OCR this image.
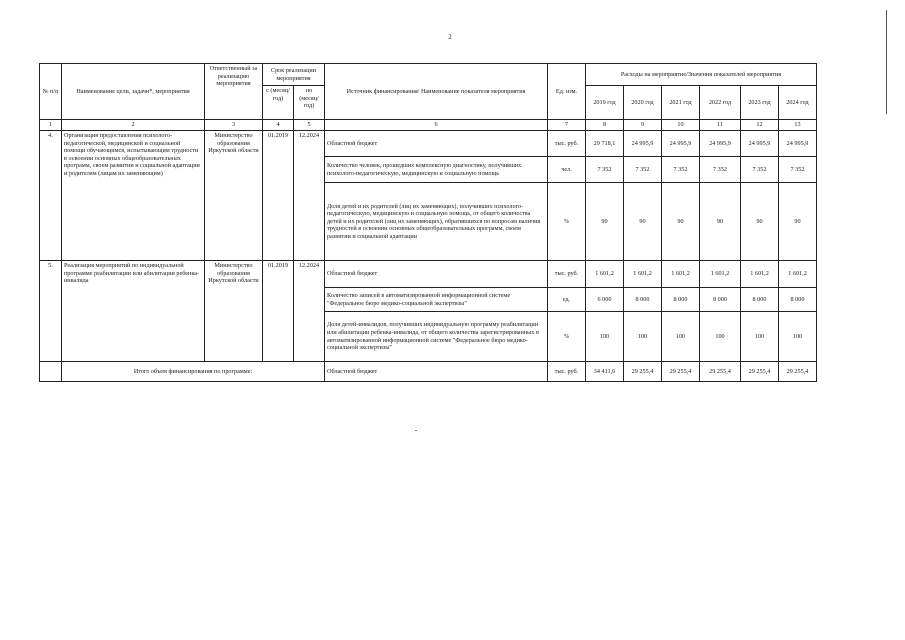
2
№ п/п	Наименование цели, задачи*, мероприятия	Ответственный за реализацию мероприятия	Срок реализации мероприятия		Источник финансирования/ Наименование показателя мероприятия	Ед. изм.	Расходы на мероприятие/Значения показателей мероприятия					
			с (месяц/год)	по (месяц/год)			2019 год	2020 год	2021 год	2022 год	2023 год	2024 год
1	2	3	4	5	6	7	8	9	10	11	12	13
4.	Организация предоставления психолого-педагогической, медицинской и социальной помощи обучающимся, испытывающим трудности в освоении основных общеобразовательных программ, своем развитии и социальной адаптации и родителям (лицам их заменяющим)	Министерство образования Иркутской области	01.2019	12.2024	Областной бюджет	тыс. руб.	29 718,1	24 995,9	24 995,9	24 995,9	24 995,9	24 995,9
					Количество человек, прошедших комплексную диагностику, получивших психолого-педагогическую, медицинскую и социальную помощь	чел.	7 352	7 352	7 352	7 352	7 352	7 352
					Доля детей и их родителей (лиц их заменяющих), получивших психолого-педагогическую, медицинскую и социальную помощь, от общего количества детей и их родителей (лиц их заменяющих), обратившихся по вопросам наличия трудностей в освоении основных общеобразовательных программ, своем развитии и социальной адаптации	%	90	90	90	90	90	90
5.	Реализация мероприятий по индивидуальной программе реабилитации или абилитации ребенка-инвалида	Министерство образования Иркутской области	01.2019	12.2024	Областной бюджет	тыс. руб.	1 601,2	1 601,2	1 601,2	1 601,2	1 601,2	1 601,2
					Количество записей в автоматизированной информационной системе "Федеральное бюро медико-социальной экспертизы"	ед.	6 000	8 000	8 000	8 000	8 000	8 000
					Доля детей-инвалидов, получивших индивидуальную программу реабилитации или абилитации ребенка-инвалида, от общего количества зарегистрированных в автоматизированной информационной системе "Федеральное бюро медико-социальной экспертизы"	%	100	100	100	100	100	100
	Итого объем финансирования по программе:				Областной бюджет	тыс. руб.	34 411,6	29 255,4	29 255,4	29 255,4	29 255,4	29 255,4
